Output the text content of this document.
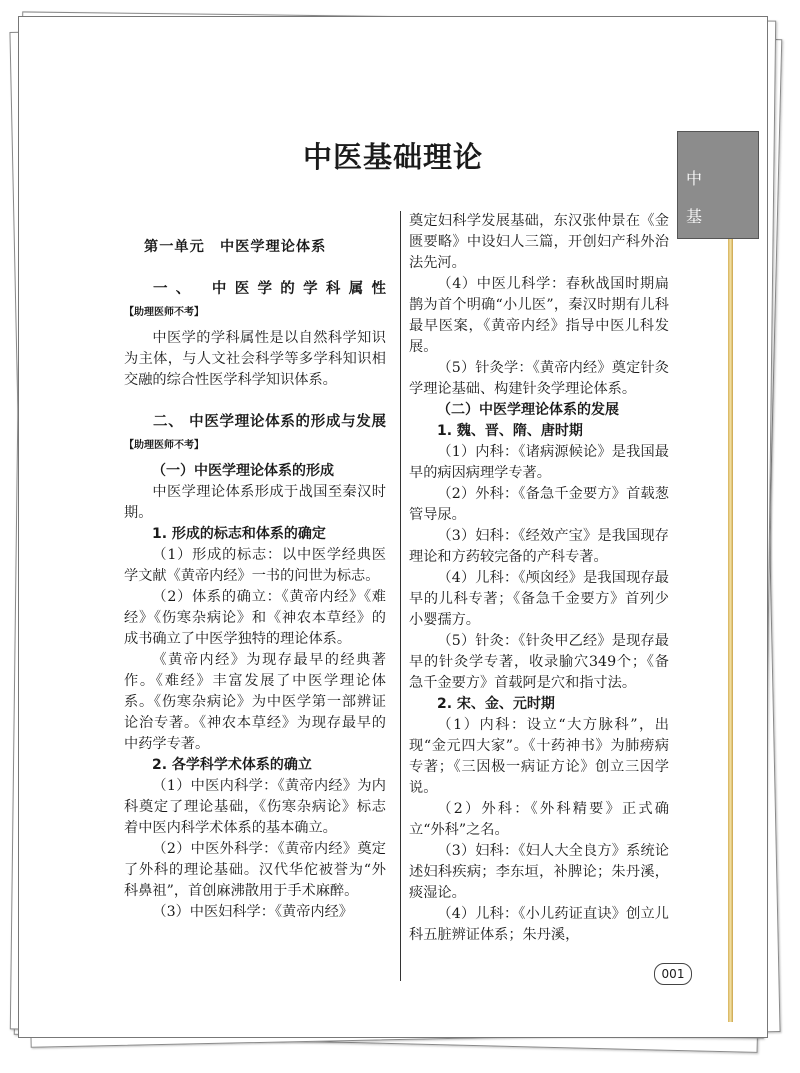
中
基
中医基础理论

第一单元　中医学理论体系

一、 中医学的学科属性 【助理医师不考】

中医学的学科属性是以自然科学知识为主体，与人文社会科学等多学科知识相交融的综合性医学科学知识体系。

二、 中医学理论体系的形成与发展 【助理医师不考】

（一）中医学理论体系的形成

中医学理论体系形成于战国至秦汉时期。

1. 形成的标志和体系的确定

（1）形成的标志：以中医学经典医学文献《黄帝内经》一书的问世为标志。

（2）体系的确立：《黄帝内经》《难经》《伤寒杂病论》和《神农本草经》的成书确立了中医学独特的理论体系。

《黄帝内经》为现存最早的经典著作。《难经》丰富发展了中医学理论体系。《伤寒杂病论》为中医学第一部辨证论治专著。《神农本草经》为现存最早的中药学专著。

2. 各学科学术体系的确立

（1）中医内科学：《黄帝内经》为内科奠定了理论基础，《伤寒杂病论》标志着中医内科学术体系的基本确立。

（2）中医外科学：《黄帝内经》奠定了外科的理论基础。汉代华佗被誉为“外科鼻祖”，首创麻沸散用于手术麻醉。

（3）中医妇科学：《黄帝内经》

奠定妇科学发展基础，东汉张仲景在《金匮要略》中设妇人三篇，开创妇产科外治法先河。

（4）中医儿科学：春秋战国时期扁鹊为首个明确“小儿医”，秦汉时期有儿科最早医案，《黄帝内经》指导中医儿科发展。

（5）针灸学：《黄帝内经》奠定针灸学理论基础、构建针灸学理论体系。

（二）中医学理论体系的发展

1. 魏、晋、隋、唐时期

（1）内科：《诸病源候论》是我国最早的病因病理学专著。

（2）外科：《备急千金要方》首载葱管导尿。

（3）妇科：《经效产宝》是我国现存理论和方药较完备的产科专著。

（4）儿科：《颅囟经》是我国现存最早的儿科专著；《备急千金要方》首列少小婴孺方。

（5）针灸：《针灸甲乙经》是现存最早的针灸学专著，收录腧穴349个；《备急千金要方》首载阿是穴和指寸法。

2. 宋、金、元时期

（1）内科：设立“大方脉科”，出现“金元四大家”。《十药神书》为肺痨病专著；《三因极一病证方论》创立三因学说。

（2）外科：《外科精要》正式确立“外科”之名。

（3）妇科：《妇人大全良方》系统论述妇科疾病；李东垣，补脾论；朱丹溪，痰湿论。

（4）儿科：《小儿药证直诀》创立儿科五脏辨证体系；朱丹溪，

001
